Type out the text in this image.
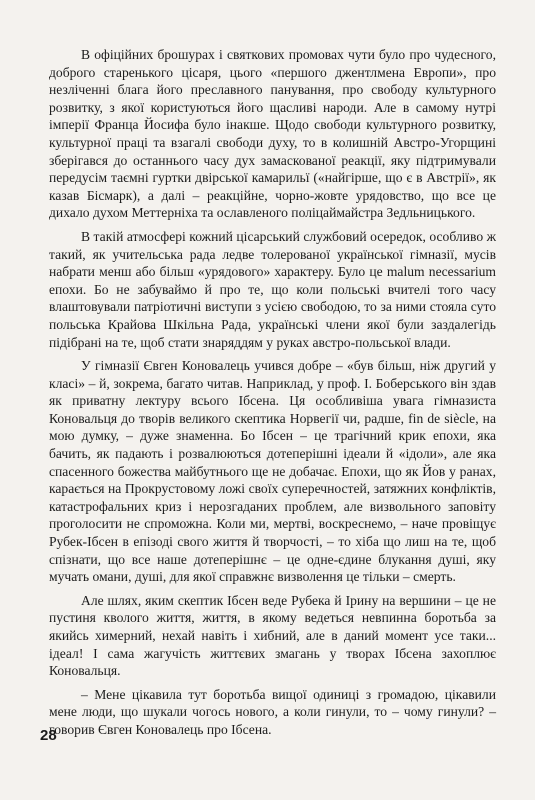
В офіційних брошурах і святкових промовах чути було про чудесного, доброго старенького цісаря, цього «першого джентлмена Европи», про незліченні блага його преславного панування, про свободу культурного розвитку, з якої користуються його щасливі народи. Але в самому нутрі імперії Франца Йосифа було інакше. Щодо свободи культурного розвитку, культурної праці та взагалі свободи духу, то в колишній Австро-Угорщині зберігався до останнього часу дух замаскованої реакції, яку підтримували передусім таємні гуртки двірської камарильї («найгірше, що є в Австрії», як казав Бісмарк), а далі – реакційне, чорно-жовте урядовство, що все це дихало духом Меттерніха та ославленого поліцаймайстра Зедльницького.

В такій атмосфері кожний цісарський службовий осередок, особливо ж такий, як учительська рада ледве толерованої української гімназії, мусів набрати менш або більш «урядового» характеру. Було це malum necessarium епохи. Бо не забуваймо й про те, що коли польські вчителі того часу влаштовували патріотичні виступи з усією свободою, то за ними стояла суто польська Крайова Шкільна Рада, українські члени якої були заздалегідь підібрані на те, щоб стати знаряддям у руках австро-польської влади.

У гімназії Євген Коновалець учився добре – «був більш, ніж другий у класі» – й, зокрема, багато читав. Наприклад, у проф. І. Боберського він здав як приватну лектуру всього Ібсена. Ця особливіша увага гімназиста Коновальця до творів великого скептика Норвегії чи, радше, fin de siècle, на мою думку, – дуже знаменна. Бо Ібсен – це трагічний крик епохи, яка бачить, як падають і розвалюються дотеперішні ідеали й «ідоли», але яка спасенного божества майбутнього ще не добачає. Епохи, що як Йов у ранах, карається на Прокрустовому ложі своїх суперечностей, затяжних конфліктів, катастрофальних криз і нерозгаданих проблем, але визвольного заповіту проголосити не спроможна. Коли ми, мертві, воскреснемо, – наче провіщує Рубек-Ібсен в епізоді свого життя й творчості, – то хіба що лиш на те, щоб спізнати, що все наше дотеперішнє – це одне-єдине блукання душі, яку мучать омани, душі, для якої справжнє визволення це тільки – смерть.

Але шлях, яким скептик Ібсен веде Рубека й Ірину на вершини – це не пустиня кволого життя, життя, в якому ведеться невпинна боротьба за якийсь химерний, нехай навіть і хибний, але в даний момент усе таки... ідеал! І сама жагучість життєвих змагань у творах Ібсена захоплює Коновальця.

– Мене цікавила тут боротьба вищої одиниці з громадою, цікавили мене люди, що шукали чогось нового, а коли гинули, то – чому гинули? – говорив Євген Коновалець про Ібсена.

28
